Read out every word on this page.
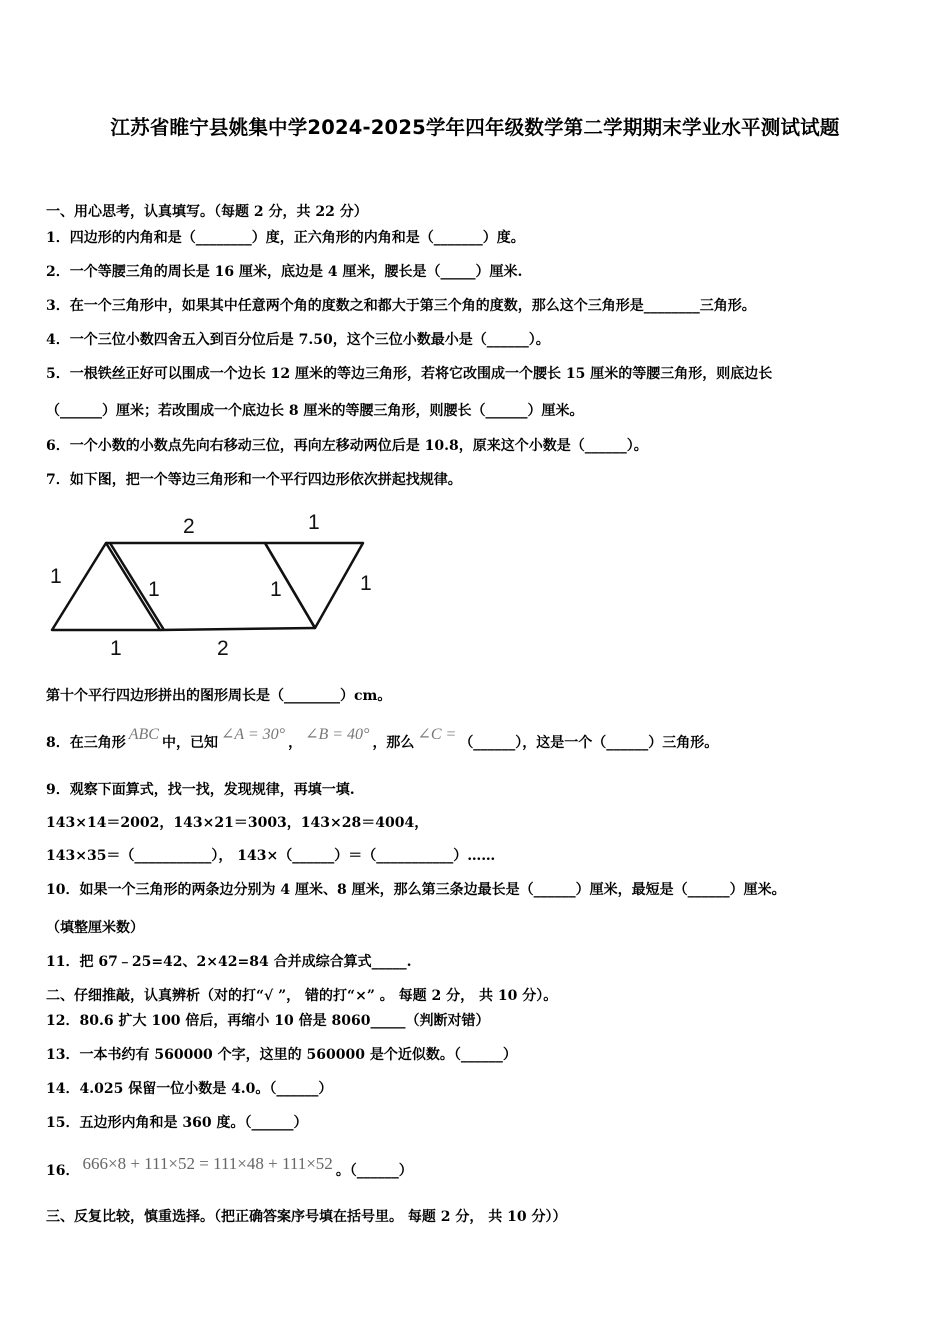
江苏省睢宁县姚集中学2024-2025学年四年级数学第二学期期末学业水平测试试题
一、用心思考，认真填写。（每题 2 分，共 22 分）
1．四边形的内角和是（________）度，正六角形的内角和是（_______）度。
2．一个等腰三角的周长是 16 厘米，底边是 4 厘米，腰长是（_____）厘米.
3．在一个三角形中，如果其中任意两个角的度数之和都大于第三个角的度数，那么这个三角形是________三角形。
4．一个三位小数四舍五入到百分位后是 7.50，这个三位小数最小是（______）。
5．一根铁丝正好可以围成一个边长 12 厘米的等边三角形，若将它改围成一个腰长 15 厘米的等腰三角形，则底边长
（______）厘米；若改围成一个底边长 8 厘米的等腰三角形，则腰长（______）厘米。
6．一个小数的小数点先向右移动三位，再向左移动两位后是 10.8，原来这个小数是（______）。
7．如下图，把一个等边三角形和一个平行四边形依次拼起找规律。
2	1
1
1	1	1
1	2
第十个平行四边形拼出的图形周长是（________）cm。
8．在三角形 ABC 中，已知 ∠A = 30° ， ∠B = 40° ，那么 ∠C = （______），这是一个（______）三角形。
9．观察下面算式，找一找，发现规律，再填一填.
143×14＝2002，143×21＝3003，143×28＝4004，
143×35＝（___________）， 143×（______）＝（___________）……
10．如果一个三角形的两条边分别为 4 厘米、8 厘米，那么第三条边最长是（______）厘米，最短是（______）厘米。
（填整厘米数）
11．把 67﹣25=42、2×42=84 合并成综合算式_____.
二、仔细推敲，认真辨析（对的打“√ ”， 错的打“×” 。 每题 2 分， 共 10 分）。
12．80.6 扩大 100 倍后，再缩小 10 倍是 8060_____（判断对错）
13．一本书约有 560000 个字，这里的 560000 是个近似数。（______）
14．4.025 保留一位小数是 4.0。（______）
15．五边形内角和是 360 度。（______）
16． 666×8 + 111×52 = 111×48 + 111×52 。（______）
三、反复比较，慎重选择。（把正确答案序号填在括号里。 每题 2 分， 共 10 分））
